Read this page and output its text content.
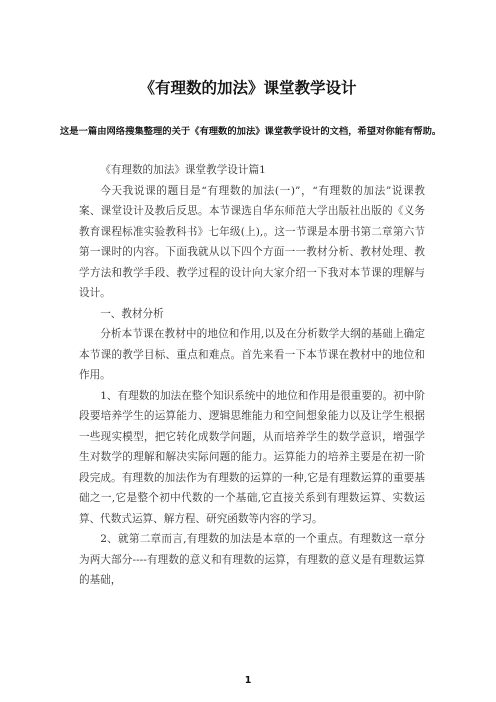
《有理数的加法》课堂教学设计
这是一篇由网络搜集整理的关于《有理数的加法》课堂教学设计的文档，希望对你能有帮助。

《有理数的加法》课堂教学设计篇1

今天我说课的题目是“有理数的加法(一)”，“有理数的加法”说课教案、课堂设计及教后反思。本节课选自华东师范大学出版社出版的《义务教育课程标准实验教科书》七年级(上),。这一节课是本册书第二章第六节第一课时的内容。下面我就从以下四个方面一一教材分析、教材处理、教学方法和教学手段、教学过程的设计向大家介绍一下我对本节课的理解与设计。

一、教材分析

分析本节课在教材中的地位和作用,以及在分析数学大纲的基础上确定本节课的教学目标、重点和难点。首先来看一下本节课在教材中的地位和作用。

1、有理数的加法在整个知识系统中的地位和作用是很重要的。初中阶段要培养学生的运算能力、逻辑思维能力和空间想象能力以及让学生根据一些现实模型，把它转化成数学问题，从而培养学生的数学意识，增强学生对数学的理解和解决实际问题的能力。运算能力的培养主要是在初一阶段完成。有理数的加法作为有理数的运算的一种,它是有理数运算的重要基础之一,它是整个初中代数的一个基础,它直接关系到有理数运算、实数运算、代数式运算、解方程、研究函数等内容的学习。

2、就第二章而言,有理数的加法是本章的一个重点。有理数这一章分为两大部分----有理数的意义和有理数的运算，有理数的意义是有理数运算的基础，

1
